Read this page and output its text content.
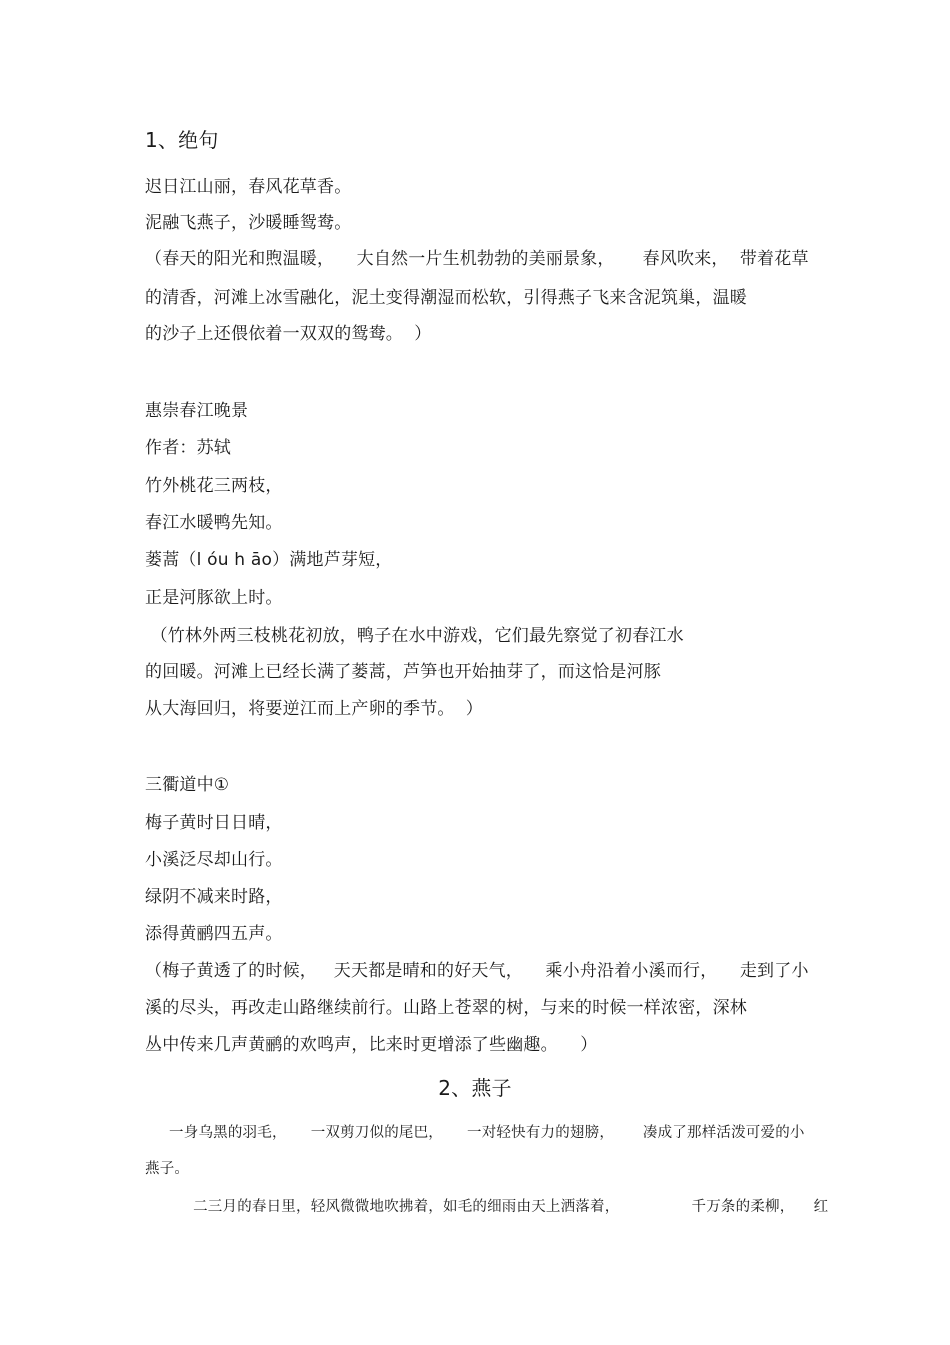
1、绝句
迟日江山丽，春风花草香。
泥融飞燕子，沙暖睡鸳鸯。
（春天的阳光和煦温暖，    大自然一片生机勃勃的美丽景象，     春风吹来，  带着花草
的清香，河滩上冰雪融化，泥土变得潮湿而松软，引得燕子飞来含泥筑巢，温暖
的沙子上还偎依着一双双的鸳鸯。  ）
惠崇春江晚景
作者：苏轼
竹外桃花三两枝，
春江水暖鸭先知。
蒌蒿（l óu h āo）满地芦芽短，
正是河豚欲上时。
（竹林外两三枝桃花初放，鸭子在水中游戏，它们最先察觉了初春江水
的回暖。河滩上已经长满了蒌蒿，芦笋也开始抽芽了，而这恰是河豚
从大海回归，将要逆江而上产卵的季节。  ）
三衢道中①
梅子黄时日日晴，
小溪泛尽却山行。
绿阴不减来时路，
添得黄鹂四五声。
（梅子黄透了的时候，   天天都是晴和的好天气，    乘小舟沿着小溪而行，    走到了小
溪的尽头，再改走山路继续前行。山路上苍翠的树，与来的时候一样浓密，深林
丛中传来几声黄鹂的欢鸣声，比来时更增添了些幽趣。    ）
2、燕子
一身乌黑的羽毛，     一双剪刀似的尾巴，     一对轻快有力的翅膀，      凑成了那样活泼可爱的小
燕子。
二三月的春日里，轻风微微地吹拂着，如毛的细雨由天上洒落着，               千万条的柔柳，    红
